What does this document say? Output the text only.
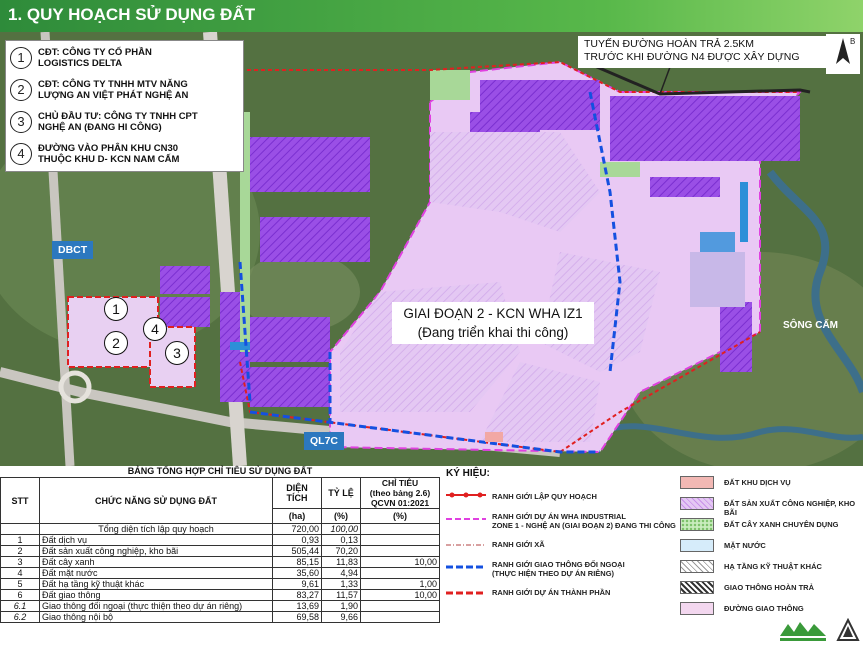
1. QUY HOẠCH SỬ DỤNG ĐẤT
1	CĐT: CÔNG TY CỔ PHẦN
LOGISTICS DELTA
2	CĐT: CÔNG TY TNHH MTV NĂNG
LƯỢNG AN VIỆT PHÁT NGHỆ AN
3	CHỦ ĐẦU TƯ: CÔNG TY TNHH CPT
NGHỆ AN (ĐANG HI CÔNG)
4	ĐƯỜNG VÀO PHÂN KHU CN30
THUỘC KHU D- KCN NAM CẤM
TUYẾN ĐƯỜNG HOÀN TRẢ 2.5KM
TRƯỚC KHI ĐƯỜNG N4 ĐƯỢC XÂY DỰNG
B
DBCT
QL7C
GIAI ĐOẠN 2 - KCN WHA IZ1
(Đang triển khai thi công)	SÔNG CẤM
1
2
3
4
BẢNG TỔNG HỢP CHỈ TIÊU SỬ DỤNG ĐẤT
STT	CHỨC NĂNG SỬ DỤNG ĐẤT	DIỆN
TÍCH	TỶ LỆ	CHỈ TIÊU
(theo bảng 2.6)
QCVN 01:2021
		(ha)	(%)	(%)
	Tổng diện tích lập quy hoạch	720,00	100,00	
1	Đất dịch vụ	0,93	0,13	
2	Đất sản xuất công nghiệp, kho bãi	505,44	70,20	
3	Đất cây xanh	85,15	11,83	10,00
4	Đất mặt nước	35,60	4,94	
5	Đất hạ tầng kỹ thuật khác	9,61	1,33	1,00
6	Đất giao thông	83,27	11,57	10,00
6.1	Giao thông đối ngoại (thực thiện theo dự án riêng)	13,69	1,90	
6.2	Giao thông nội bộ	69,58	9,66	
KÝ HIỆU:
RANH GIỚI LẬP QUY HOẠCH
RANH GIỚI DỰ ÁN WHA INDUSTRIAL
ZONE 1 - NGHỆ AN (GIAI ĐOẠN 2) ĐANG THI CÔNG
RANH GIỚI XÃ
RANH GIỚI GIAO THÔNG ĐỐI NGOẠI
(THỰC HIỆN THEO DỰ ÁN RIÊNG)
RANH GIỚI DỰ ÁN THÀNH PHẦN
ĐẤT KHU DỊCH VỤ
ĐẤT SẢN XUẤT CÔNG NGHIỆP, KHO BÃI
ĐẤT CÂY XANH CHUYÊN DỤNG
MẶT NƯỚC
HẠ TẦNG KỸ THUẬT KHÁC
GIAO THÔNG HOÀN TRẢ
ĐƯỜNG GIAO THÔNG
